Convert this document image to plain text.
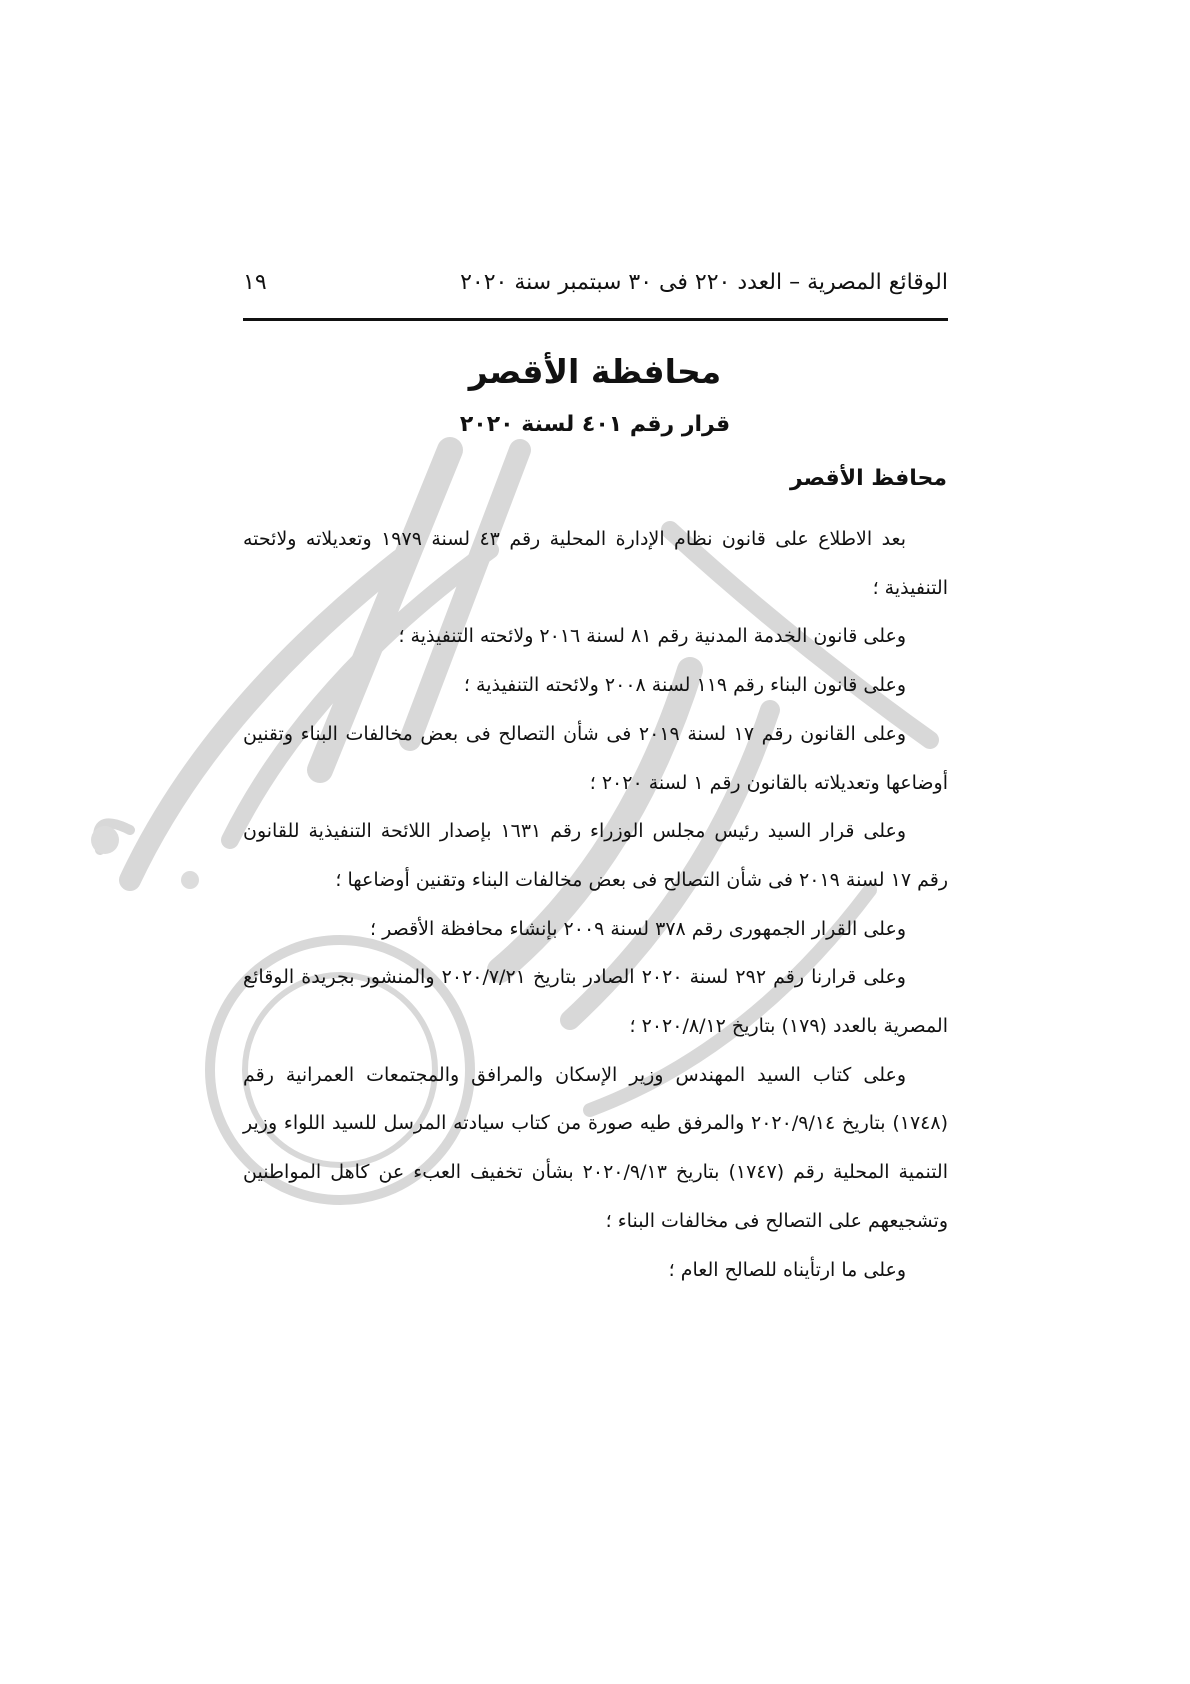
الوقائع المصرية – العدد ٢٢٠ فى ٣٠ سبتمبر سنة ٢٠٢٠
١٩
محافظة الأقصر
قرار رقم ٤٠١ لسنة ٢٠٢٠
محافظ الأقصر

بعد الاطلاع على قانون نظام الإدارة المحلية رقم ٤٣ لسنة ١٩٧٩ وتعديلاته ولائحته التنفيذية ؛

وعلى قانون الخدمة المدنية رقم ٨١ لسنة ٢٠١٦ ولائحته التنفيذية ؛

وعلى قانون البناء رقم ١١٩ لسنة ٢٠٠٨ ولائحته التنفيذية ؛

وعلى القانون رقم ١٧ لسنة ٢٠١٩ فى شأن التصالح فى بعض مخالفات البناء وتقنين أوضاعها وتعديلاته بالقانون رقم ١ لسنة ٢٠٢٠ ؛

وعلى قرار السيد رئيس مجلس الوزراء رقم ١٦٣١ بإصدار اللائحة التنفيذية للقانون رقم ١٧ لسنة ٢٠١٩ فى شأن التصالح فى بعض مخالفات البناء وتقنين أوضاعها ؛

وعلى القرار الجمهورى رقم ٣٧٨ لسنة ٢٠٠٩ بإنشاء محافظة الأقصر ؛

وعلى قرارنا رقم ٢٩٢ لسنة ٢٠٢٠ الصادر بتاريخ ٢٠٢٠/٧/٢١ والمنشور بجريدة الوقائع المصرية بالعدد (١٧٩) بتاريخ ٢٠٢٠/٨/١٢ ؛

وعلى كتاب السيد المهندس وزير الإسكان والمرافق والمجتمعات العمرانية رقم (١٧٤٨) بتاريخ ٢٠٢٠/٩/١٤ والمرفق طيه صورة من كتاب سيادته المرسل للسيد اللواء وزير التنمية المحلية رقم (١٧٤٧) بتاريخ ٢٠٢٠/٩/١٣ بشأن تخفيف العبء عن كاهل المواطنين وتشجيعهم على التصالح فى مخالفات البناء ؛

وعلى ما ارتأيناه للصالح العام ؛
